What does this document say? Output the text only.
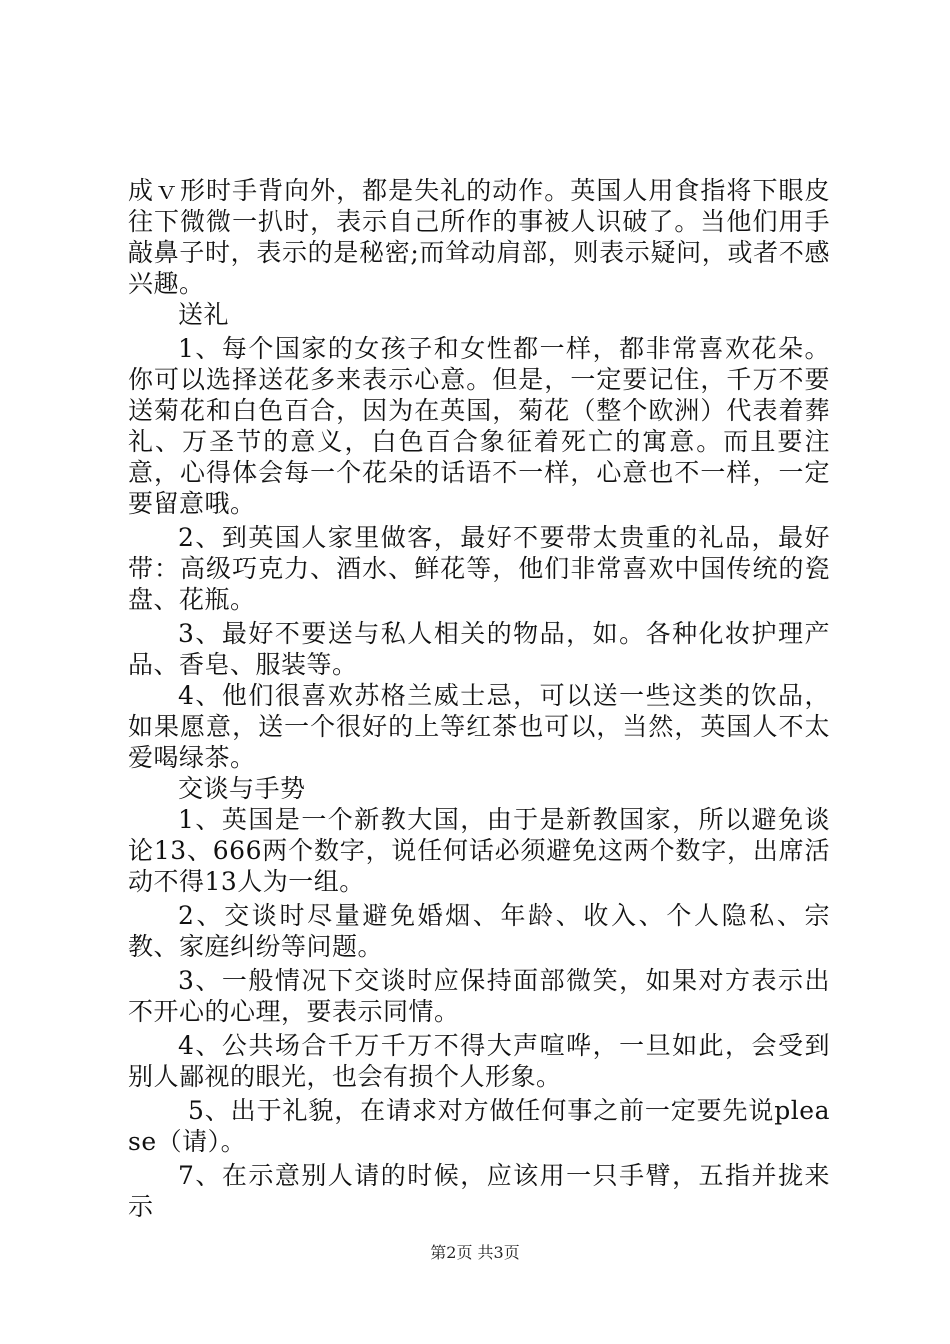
成ｖ形时手背向外，都是失礼的动作。英国人用食指将下眼皮往下微微一扒时，表示自己所作的事被人识破了。当他们用手敲鼻子时，表示的是秘密;而耸动肩部，则表示疑问，或者不感兴趣。

送礼

1、每个国家的女孩子和女性都一样，都非常喜欢花朵。你可以选择送花多来表示心意。但是，一定要记住，千万不要送菊花和白色百合，因为在英国，菊花（整个欧洲）代表着葬礼、万圣节的意义，白色百合象征着死亡的寓意。而且要注意，心得体会每一个花朵的话语不一样，心意也不一样，一定要留意哦。

2、到英国人家里做客，最好不要带太贵重的礼品，最好带：高级巧克力、酒水、鲜花等，他们非常喜欢中国传统的瓷盘、花瓶。

3、最好不要送与私人相关的物品，如。各种化妆护理产品、香皂、服装等。

4、他们很喜欢苏格兰威士忌，可以送一些这类的饮品，如果愿意，送一个很好的上等红茶也可以，当然，英国人不太爱喝绿茶。

交谈与手势

1、英国是一个新教大国，由于是新教国家，所以避免谈论13、666两个数字，说任何话必须避免这两个数字，出席活动不得13人为一组。

2、交谈时尽量避免婚烟、年龄、收入、个人隐私、宗教、家庭纠纷等问题。

3、一般情况下交谈时应保持面部微笑，如果对方表示出不开心的心理，要表示同情。

4、公共场合千万千万不得大声喧哗，一旦如此，会受到别人鄙视的眼光，也会有损个人形象。

5、出于礼貌，在请求对方做任何事之前一定要先说please（请）。

7、在示意别人请的时候，应该用一只手臂，五指并拢来示

第2页 共3页
